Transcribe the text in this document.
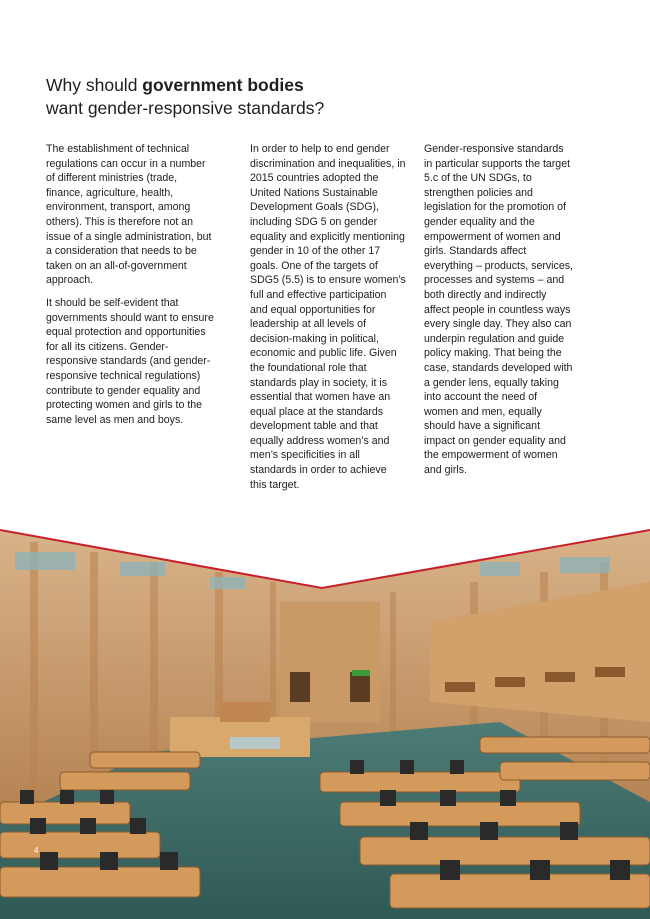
Why should government bodies
want gender-responsive standards?

The establishment of technical regulations can occur in a number of different ministries (trade, finance, agriculture, health, environment, transport, among others). This is therefore not an issue of a single administration, but a consideration that needs to be taken on an all-of-government approach.

It should be self-evident that governments should want to ensure equal protection and opportunities for all its citizens. Gender-responsive standards (and gender-responsive technical regulations) contribute to gender equality and protecting women and girls to the same level as men and boys.

In order to help to end gender discrimination and inequalities, in 2015 countries adopted the United Nations Sustainable Development Goals (SDG), including SDG 5 on gender equality and explicitly mentioning gender in 10 of the other 17 goals. One of the targets of SDG5 (5.5) is to ensure women’s full and effective participation and equal opportunities for leadership at all levels of decision-making in political, economic and public life. Given the foundational role that standards play in society, it is essential that women have an equal place at the standards development table and that equally address women’s and men’s specificities in all standards in order to achieve this target.

Gender-responsive standards in particular supports the target 5.c of the UN SDGs, to strengthen policies and legislation for the promotion of gender equality and the empowerment of women and girls. Standards affect everything – products, services, processes and systems – and both directly and indirectly affect people in countless ways every single day. They also can underpin regulation and guide policy making. That being the case, standards developed with a gender lens, equally taking into account the need of women and men, equally should have a significant impact on gender equality and the empowerment of women and girls.

4
